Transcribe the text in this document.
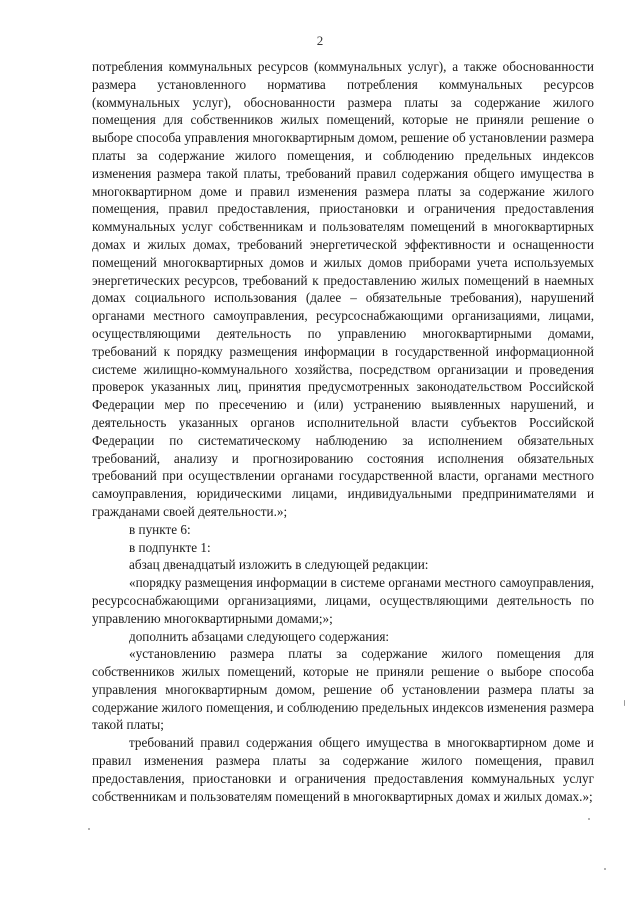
2

потребления коммунальных ресурсов (коммунальных услуг), а также обоснованности размера установленного норматива потребления коммунальных ресурсов (коммунальных услуг), обоснованности размера платы за содержание жилого помещения для собственников жилых помещений, которые не приняли решение о выборе способа управления многоквартирным домом, решение об установлении размера платы за содержание жилого помещения, и соблюдению предельных индексов изменения размера такой платы, требований правил содержания общего имущества в многоквартирном доме и правил изменения размера платы за содержание жилого помещения, правил предоставления, приостановки и ограничения предоставления коммунальных услуг собственникам и пользователям помещений в многоквартирных домах и жилых домах, требований энергетической эффективности и оснащенности помещений многоквартирных домов и жилых домов приборами учета используемых энергетических ресурсов, требований к предоставлению жилых помещений в наемных домах социального использования (далее – обязательные требования), нарушений органами местного самоуправления, ресурсоснабжающими организациями, лицами, осуществляющими деятельность по управлению многоквартирными домами, требований к порядку размещения информации в государственной информационной системе жилищно-коммунального хозяйства, посредством организации и проведения проверок указанных лиц, принятия предусмотренных законодательством Российской Федерации мер по пресечению и (или) устранению выявленных нарушений, и деятельность указанных органов исполнительной власти субъектов Российской Федерации по систематическому наблюдению за исполнением обязательных требований, анализу и прогнозированию состояния исполнения обязательных требований при осуществлении органами государственной власти, органами местного самоуправления, юридическими лицами, индивидуальными предпринимателями и гражданами своей деятельности.»;

в пункте 6:

в подпункте 1:

абзац двенадцатый изложить в следующей редакции:

«порядку размещения информации в системе органами местного самоуправления, ресурсоснабжающими организациями, лицами, осуществляющими деятельность по управлению многоквартирными домами;»;

дополнить абзацами следующего содержания:

«установлению размера платы за содержание жилого помещения для собственников жилых помещений, которые не приняли решение о выборе способа управления многоквартирным домом, решение об установлении размера платы за содержание жилого помещения, и соблюдению предельных индексов изменения размера такой платы;

требований правил содержания общего имущества в многоквартирном доме и правил изменения размера платы за содержание жилого помещения, правил предоставления, приостановки и ограничения предоставления коммунальных услуг собственникам и пользователям помещений в многоквартирных домах и жилых домах.»;
